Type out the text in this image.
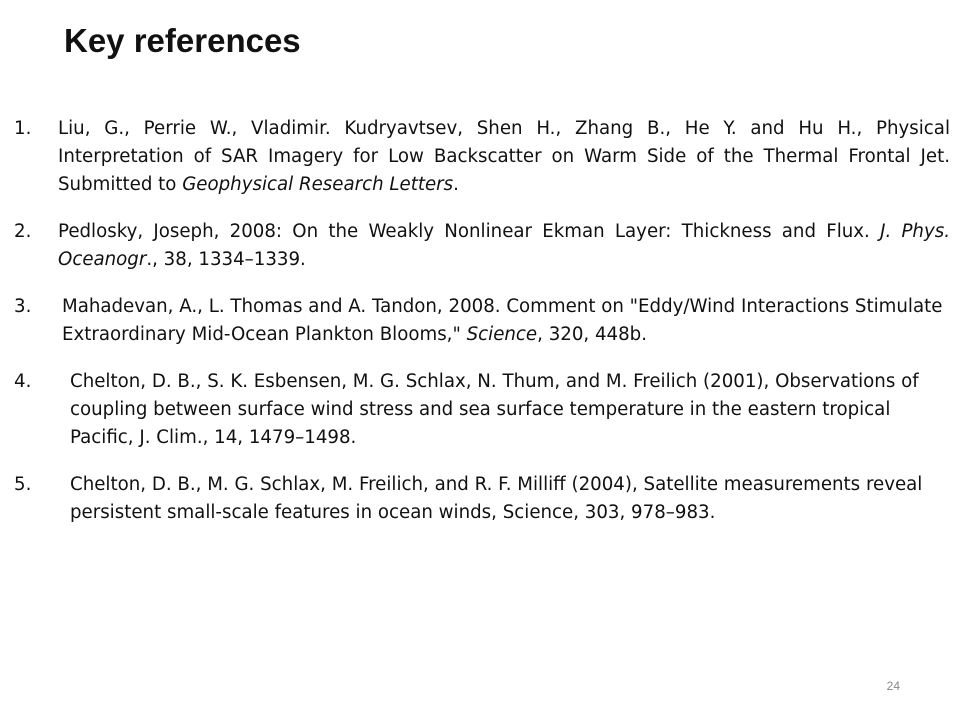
Key references
1. Liu, G., Perrie W., Vladimir. Kudryavtsev, Shen H., Zhang B., He Y. and Hu H., Physical Interpretation of SAR Imagery for Low Backscatter on Warm Side of the Thermal Frontal Jet. Submitted to Geophysical Research Letters.
2. Pedlosky, Joseph, 2008: On the Weakly Nonlinear Ekman Layer: Thickness and Flux. J. Phys. Oceanogr., 38, 1334–1339.
3. Mahadevan, A., L. Thomas and A. Tandon, 2008. Comment on "Eddy/Wind Interactions Stimulate Extraordinary Mid-Ocean Plankton Blooms," Science, 320, 448b.
4. Chelton, D. B., S. K. Esbensen, M. G. Schlax, N. Thum, and M. Freilich (2001), Observations of coupling between surface wind stress and sea surface temperature in the eastern tropical Pacific, J. Clim., 14, 1479–1498.
5. Chelton, D. B., M. G. Schlax, M. Freilich, and R. F. Milliff (2004), Satellite measurements reveal persistent small-scale features in ocean winds, Science, 303, 978–983.
24
